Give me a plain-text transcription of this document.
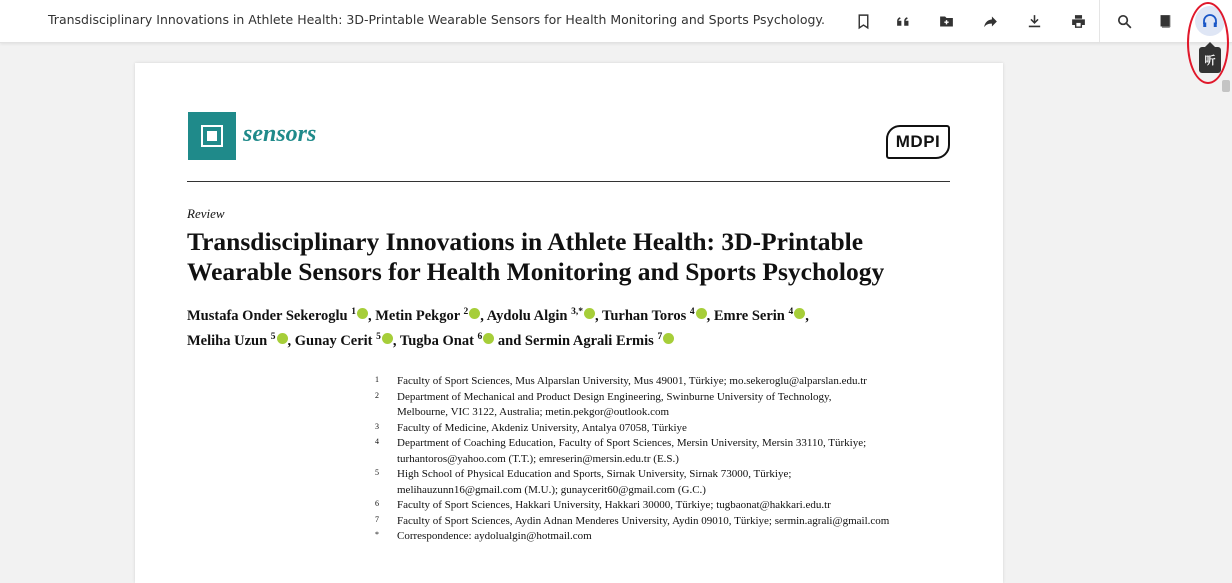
Transdisciplinary Innovations in Athlete Health: 3D-Printable Wearable Sensors for Health Monitoring and Sports Psychology.
听
sensors	MDPI
Review
Transdisciplinary Innovations in Athlete Health: 3D-Printable Wearable Sensors for Health Monitoring and Sports Psychology
Mustafa Onder Sekeroglu $^1$ , Metin Pekgor $^2$ , Aydolu Algin $^{3,*}$ , Turhan Toros $^4$ , Emre Serin $^4$ ,
Meliha Uzun $^5$ , Gunay Cerit $^5$ , Tugba Onat $^6$ and Sermin Agrali Ermis $^7$
1	Faculty of Sport Sciences, Mus Alparslan University, Mus 49001, Türkiye; mo.sekeroglu@alparslan.edu.tr
2	Department of Mechanical and Product Design Engineering, Swinburne University of Technology,
Melbourne, VIC 3122, Australia; metin.pekgor@outlook.com
3	Faculty of Medicine, Akdeniz University, Antalya 07058, Türkiye
4	Department of Coaching Education, Faculty of Sport Sciences, Mersin University, Mersin 33110, Türkiye;
turhantoros@yahoo.com (T.T.); emreserin@mersin.edu.tr (E.S.)
5	High School of Physical Education and Sports, Sirnak University, Sirnak 73000, Türkiye;
melihauzunn16@gmail.com (M.U.); gunaycerit60@gmail.com (G.C.)
6	Faculty of Sport Sciences, Hakkari University, Hakkari 30000, Türkiye; tugbaonat@hakkari.edu.tr
7	Faculty of Sport Sciences, Aydin Adnan Menderes University, Aydin 09010, Türkiye; sermin.agrali@gmail.com
*	Correspondence: aydolualgin@hotmail.com
